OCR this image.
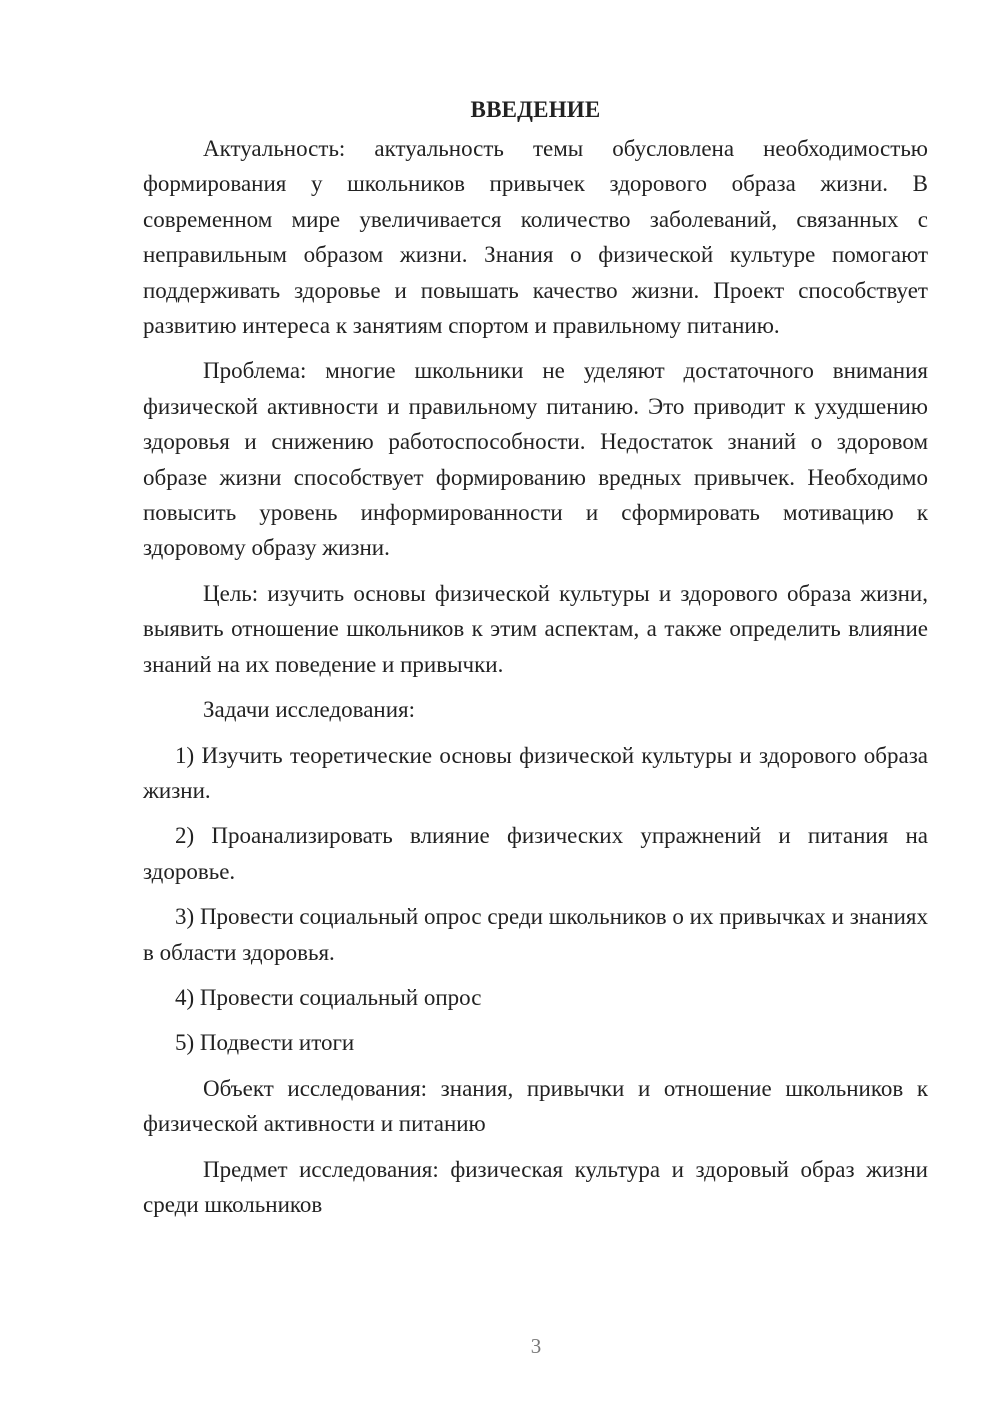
ВВЕДЕНИЕ

Актуальность: актуальность темы обусловлена необходимостью формирования у школьников привычек здорового образа жизни. В современном мире увеличивается количество заболеваний, связанных с неправильным образом жизни. Знания о физической культуре помогают поддерживать здоровье и повышать качество жизни. Проект способствует развитию интереса к занятиям спортом и правильному питанию.

Проблема: многие школьники не уделяют достаточного внимания физической активности и правильному питанию. Это приводит к ухудшению здоровья и снижению работоспособности. Недостаток знаний о здоровом образе жизни способствует формированию вредных привычек. Необходимо повысить уровень информированности и сформировать мотивацию к здоровому образу жизни.

Цель: изучить основы физической культуры и здорового образа жизни, выявить отношение школьников к этим аспектам, а также определить влияние знаний на их поведение и привычки.

Задачи исследования:

1) Изучить теоретические основы физической культуры и здорового образа жизни.

2) Проанализировать влияние физических упражнений и питания на здоровье.

3) Провести социальный опрос среди школьников о их привычках и знаниях в области здоровья.

4) Провести социальный опрос

5) Подвести итоги

Объект исследования: знания, привычки и отношение школьников к физической активности и питанию

Предмет исследования: физическая культура и здоровый образ жизни среди школьников

3
